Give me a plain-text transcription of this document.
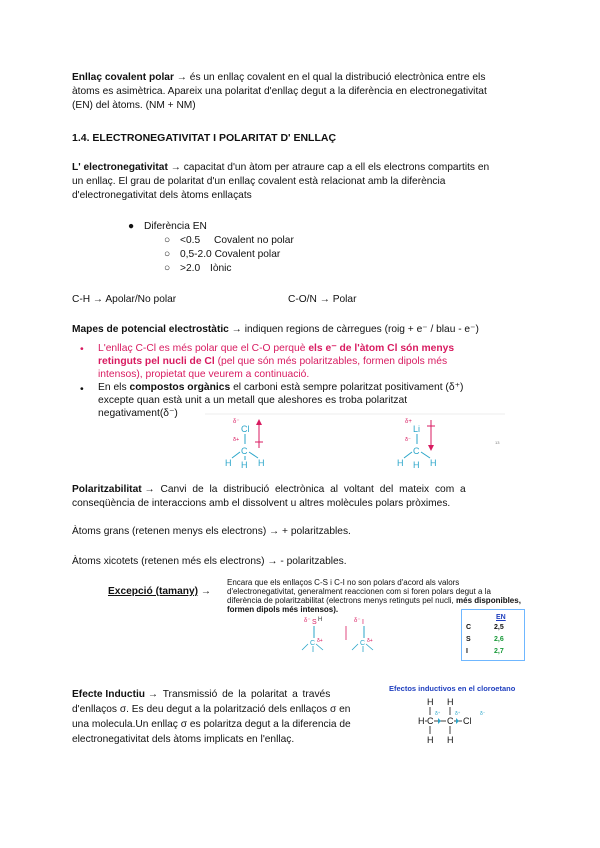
Enllaç covalent polar → és un enllaç covalent en el qual la distribució electrònica entre els
àtoms es asimètrica. Apareix una polaritat d'enllaç degut a la diferència en electronegativitat
(EN) del àtoms. (NM + NM)
1.4. ELECTRONEGATIVITAT I POLARITAT D' ENLLAÇ
L' electronegativitat → capacitat d'un àtom per atraure cap a ell els electrons compartits en
un enllaç. El grau de polaritat d'un enllaç covalent està relacionat amb la diferència
d'electronegativitat dels àtoms enllaçats
● Diferència EN
○ <0.5 Covalent no polar
○ 0,5-2.0 Covalent polar
○ >2.0 Iònic
C-H → Apolar/No polar	C-O/N → Polar
Mapes de potencial electrostàtic → indiquen regions de càrregues (roig + e⁻ / blau - e⁻)
• L'enllaç C-Cl es més polar que el C-O perquè els e⁻ de l'àtom Cl són menys
retinguts pel nucli de Cl (pel que són més polaritzables, formen dipols més
intensos), propietat que veurem a continuació.
• En els compostos orgànics el carboni està sempre polaritzat positivament (δ⁺)
excepte quan està unit a un metall que aleshores es troba polaritzat
negativament(δ⁻)
δ⁻
Cl
δ+
C
H	H
H
δ+
Li
δ⁻
C
H	H
H
13
Polaritzabilitat → Canvi de la distribució electrònica al voltant del mateix com a
conseqüència de interaccions amb el dissolvent u altres molècules polars pròximes.
Àtoms grans (retenen menys els electrons) → + polaritzables.
Àtoms xicotets (retenen més els electrons) → - polaritzables.
Excepció (tamany) →
Encara que els enllaços C-S i C-I no son polars d'acord als valors
d'electronegativitat, generalment reaccionen com si foren polars degut a la
diferència de polaritzabilitat (electrons menys retinguts pel nucli, més disponibles,
formen dipols més intensos).
δ⁻ S H
C δ+
δ⁻ I
C δ+
EN
C	2,5
S	2,6
I	2,7
Efecte Inductiu → Transmissió de la polaritat a través
d'enllaços σ. Es deu degut a la polarització dels enllaços σ en
una molecula.Un enllaç σ es polaritza degut a la diferencia de
electronegativitat dels àtoms implicats en l'enllaç.
Efectos inductivos en el cloroetano
H H
δ⁺	δ⁺	δ⁻
H C C Cl
H H
